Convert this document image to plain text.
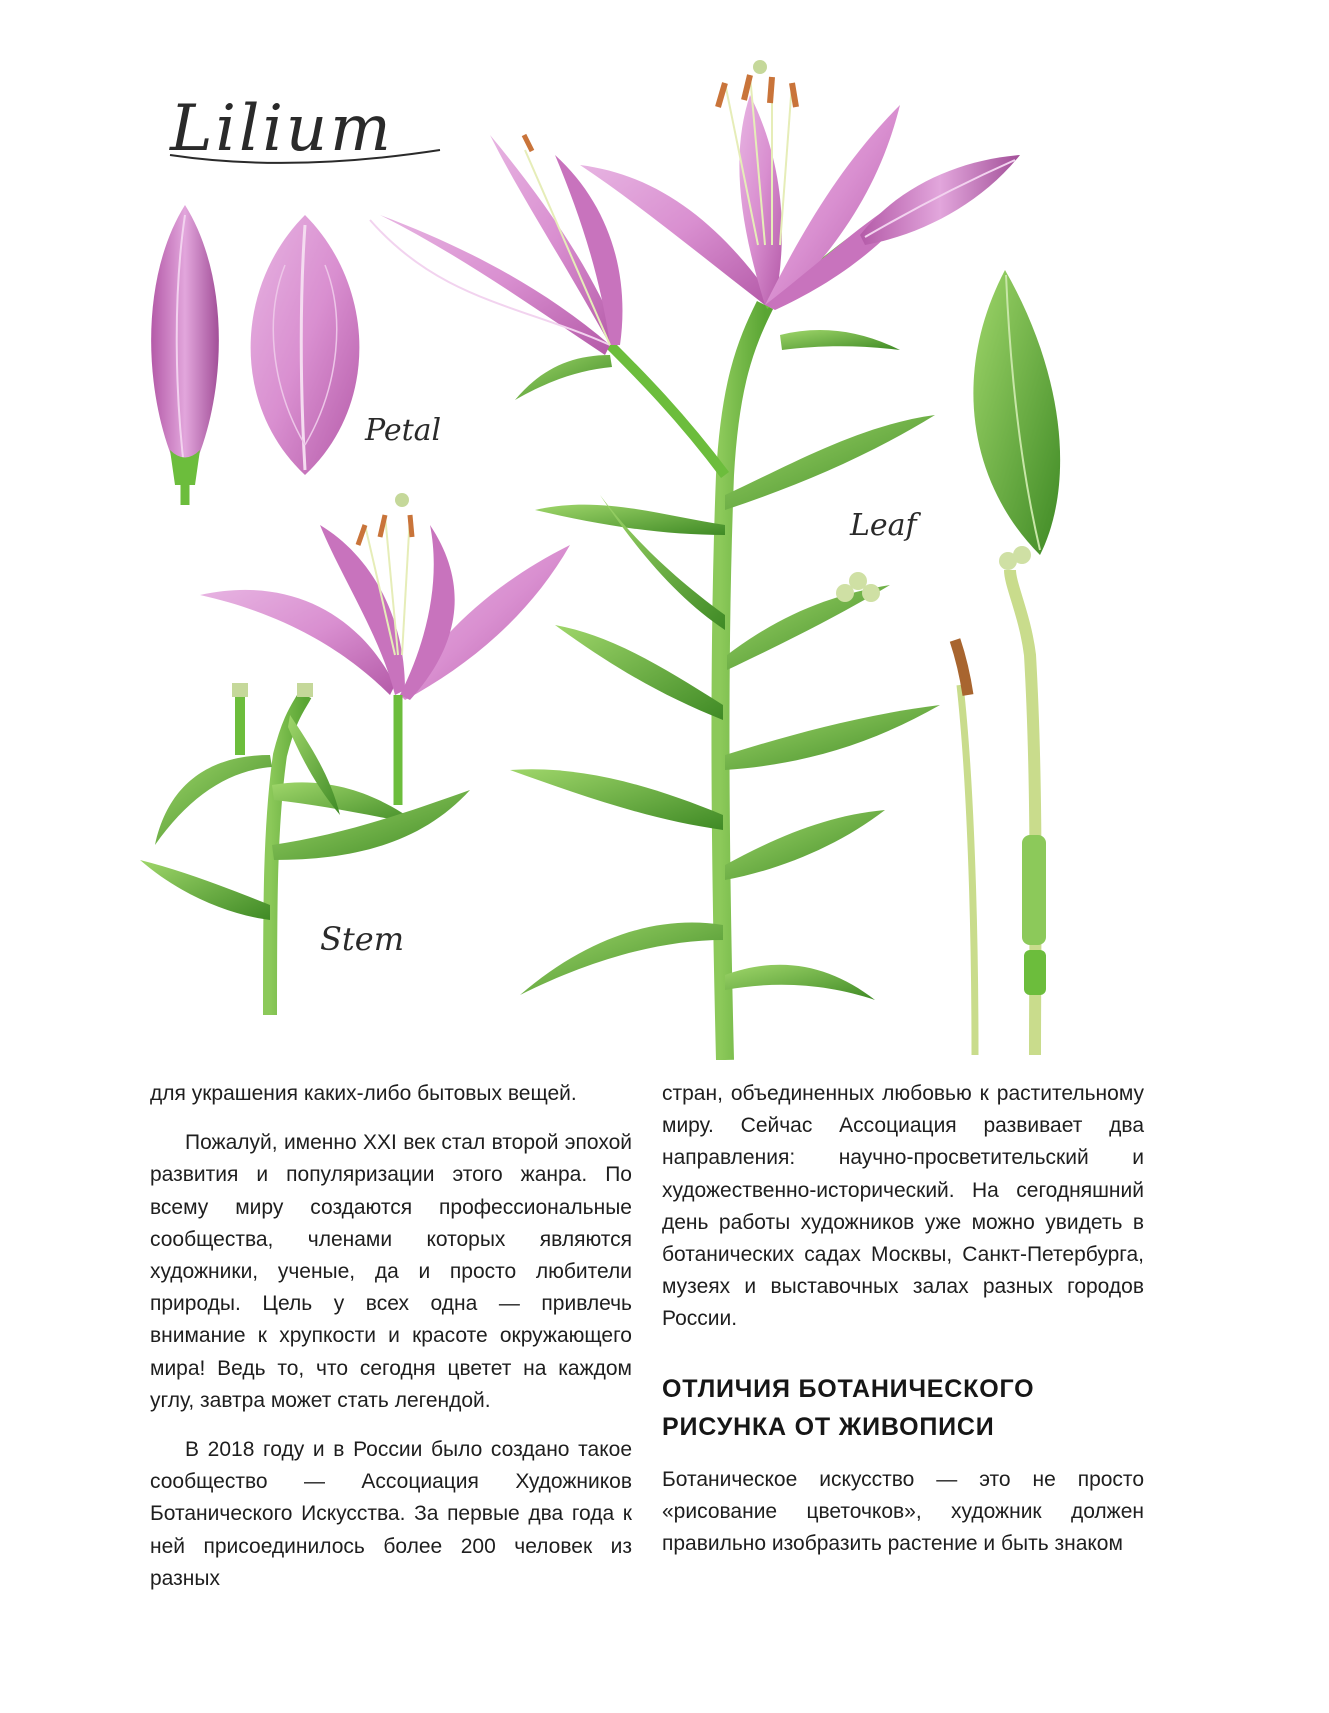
Lilium
Petal
Stem
Leaf

для украшения каких-либо бытовых вещей.

Пожалуй, именно XXI век стал второй эпохой развития и популяризации этого жанра. По всему миру создаются профессиональные сообщества, членами которых являются художники, ученые, да и просто любители природы. Цель у всех одна — привлечь внимание к хрупкости и красоте окружающего мира! Ведь то, что сегодня цветет на каждом углу, завтра может стать легендой.

В 2018 году и в России было создано такое сообщество — Ассоциация Художников Ботанического Искусства. За первые два года к ней присоединилось более 200 человек из разных

стран, объединенных любовью к растительному миру. Сейчас Ассоциация развивает два направления: научно-просветительский и художественно-исторический. На сегодняшний день работы художников уже можно увидеть в ботанических садах Москвы, Санкт-Петербурга, музеях и выставочных залах разных городов России.

ОТЛИЧИЯ БОТАНИЧЕСКОГО РИСУНКА ОТ ЖИВОПИСИ

Ботаническое искусство — это не просто «рисование цветочков», художник должен правильно изобразить растение и быть знаком
